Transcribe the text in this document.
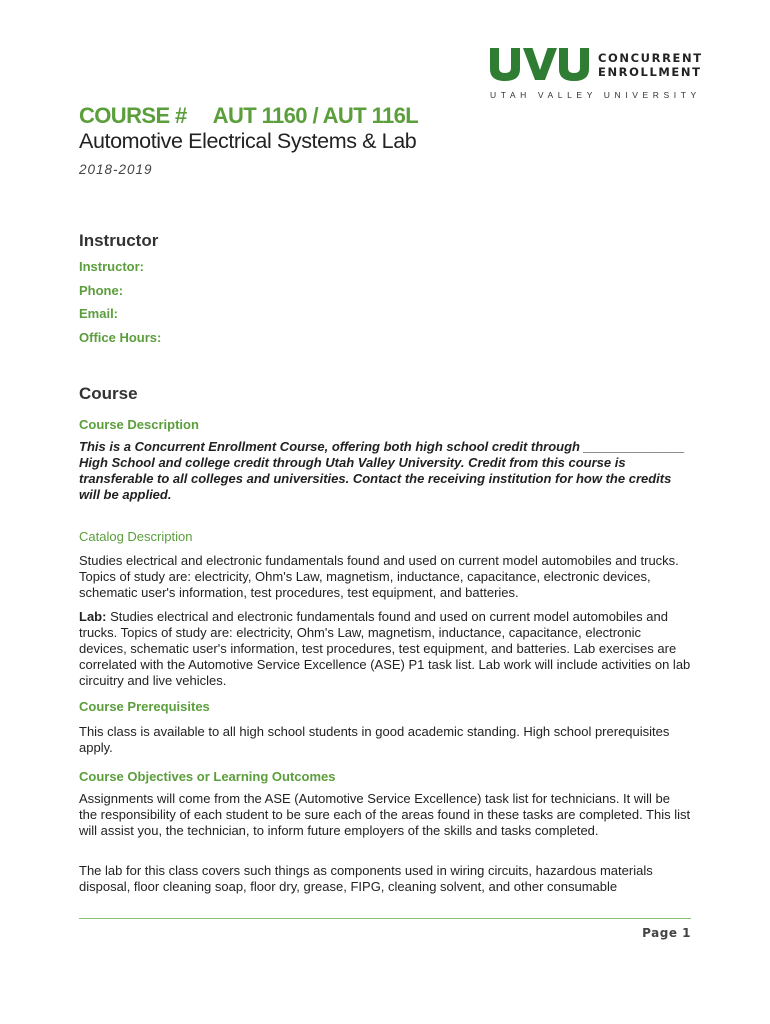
CONCURRENT
ENROLLMENT
UTAH VALLEY UNIVERSITY
COURSE # AUT 1160 / AUT 116L
Automotive Electrical Systems & Lab
2018-2019
Instructor
Instructor:
Phone:
Email:
Office Hours:
Course
Course Description

This is a Concurrent Enrollment Course, offering both high school credit through ______________ High School and college credit through Utah Valley University. Credit from this course is transferable to all colleges and universities. Contact the receiving institution for how the credits will be applied.

Catalog Description

Studies electrical and electronic fundamentals found and used on current model automobiles and trucks. Topics of study are: electricity, Ohm's Law, magnetism, inductance, capacitance, electronic devices, schematic user's information, test procedures, test equipment, and batteries.

Lab: Studies electrical and electronic fundamentals found and used on current model automobiles and trucks. Topics of study are: electricity, Ohm's Law, magnetism, inductance, capacitance, electronic devices, schematic user's information, test procedures, test equipment, and batteries. Lab exercises are correlated with the Automotive Service Excellence (ASE) P1 task list. Lab work will include activities on lab circuitry and live vehicles.

Course Prerequisites

This class is available to all high school students in good academic standing. High school prerequisites apply.

Course Objectives or Learning Outcomes

Assignments will come from the ASE (Automotive Service Excellence) task list for technicians. It will be the responsibility of each student to be sure each of the areas found in these tasks are completed. This list will assist you, the technician, to inform future employers of the skills and tasks completed.

The lab for this class covers such things as components used in wiring circuits, hazardous materials disposal, floor cleaning soap, floor dry, grease, FIPG, cleaning solvent, and other consumable

Page 1
